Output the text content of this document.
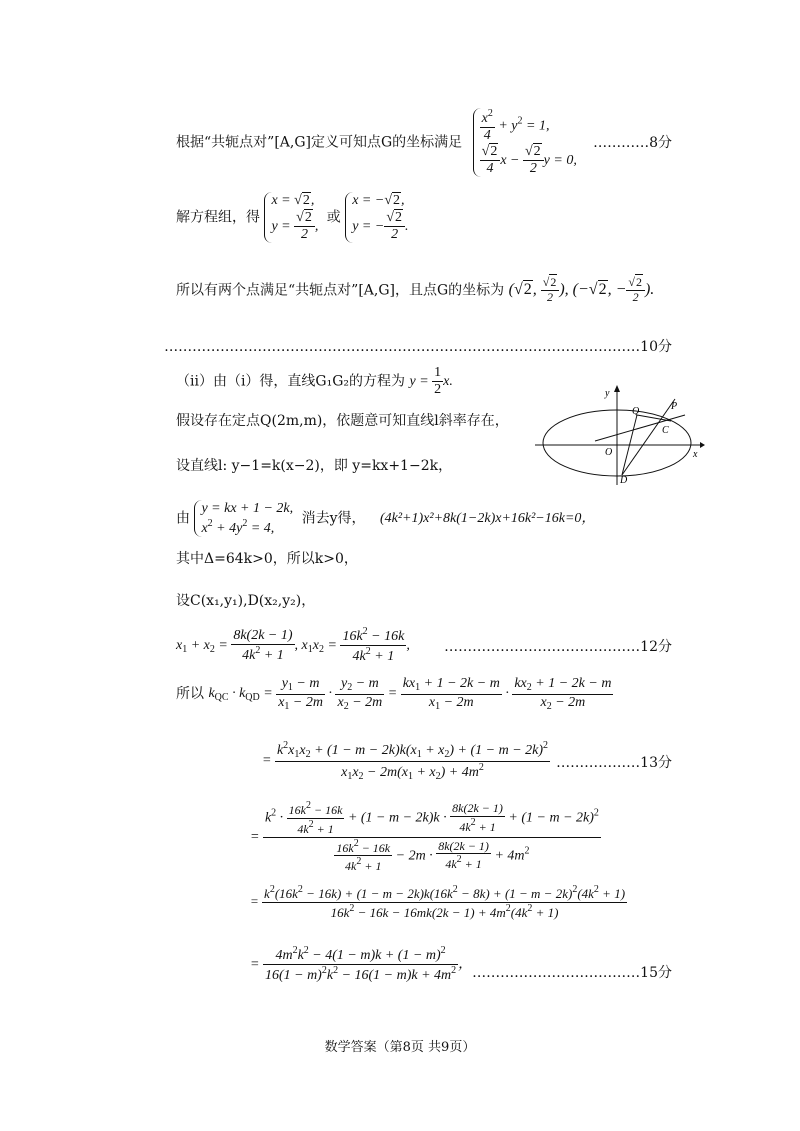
根据“共轭点对”[A,G]定义可知点G的坐标满足 $\frac{x^2}{4} + y^2 = 1$,
$\frac{√2}{4}$ $x - \frac{√2}{2}$ y = 0,
…………8分
解方程组，得
x = √2,
$y = \frac{√2}{2}$ ,
或
x = −√2,
y = − $\frac{√2}{2}$ .
所以有两个点满足“共轭点对”[A,G]，且点G的坐标为 (√2, $\frac{√2}{2}$ ), (−√2, − $\frac{√2}{2}$ ).
…………………………………………………………………………………………10分
（ii）由（i）得，直线G₁G₂的方程为 $y = \frac{1}{2} x$.
假设存在定点Q(2m,m)，依题意可知直线l斜率存在，
y
P
Q
C
O
D
x
设直线l: y−1=k(x−2)，即 y=kx+1−2k，
由
y = kx + 1 − 2k,
$x^2 + 4y^2 = 4$,
消去y得， (4k²+1)x²+8k(1−2k)x+16k²−16k=0，
其中Δ=64k>0，所以k>0，
设C(x₁,y₁),D(x₂,y₂)，
$x_1 + x_2 = \frac{8k(2k - 1)}{4k^2 + 1}$ , $x_1x_2 = \frac{16k^2 - 16k}{4k^2 + 1}$ , ……………………………………12分
所以 $k_{QC} \cdot k_{QD} = \frac{y_1 - m}{x_1 - 2m} \cdot \frac{y_2 - m}{x_2 - 2m} = \frac{kx_1 + 1 - 2k - m}{x_1 - 2m} \cdot \frac{kx_2 + 1 - 2k - m}{x_2 - 2m}$
= $\frac{k^2x_1x_2 + (1 - m - 2k)k(x_1 + x_2) + (1 - m - 2k)^2}{x_1x_2 - 2m(x_1 + x_2) + 4m^2}$ ………………13分
=
$k^2 \cdot \frac{16k^2 - 16k}{4k^2 + 1} + (1 - m - 2k)k \cdot \frac{8k(2k - 1)}{4k^2 + 1} + (1 - m - 2k)^2$
$\frac{16k^2 - 16k}{4k^2 + 1} - 2m \cdot \frac{8k(2k - 1)}{4k^2 + 1} + 4m^2$
= $k^2(16k^2 - 16k) + (1 - m - 2k)k(16k^2 - 8k) + (1 - m - 2k)^2(4k^2 + 1)$
$16k^2 - 16k - 16mk(2k - 1) + 4m^2(4k^2 + 1)$
= $\frac{4m^2k^2 - 4(1 - m)k + (1 - m)^2}{16(1 - m)^2k^2 - 16(1 - m)k + 4m^2}$ ，
………………………………15分
数学答案（第8页 共9页）
